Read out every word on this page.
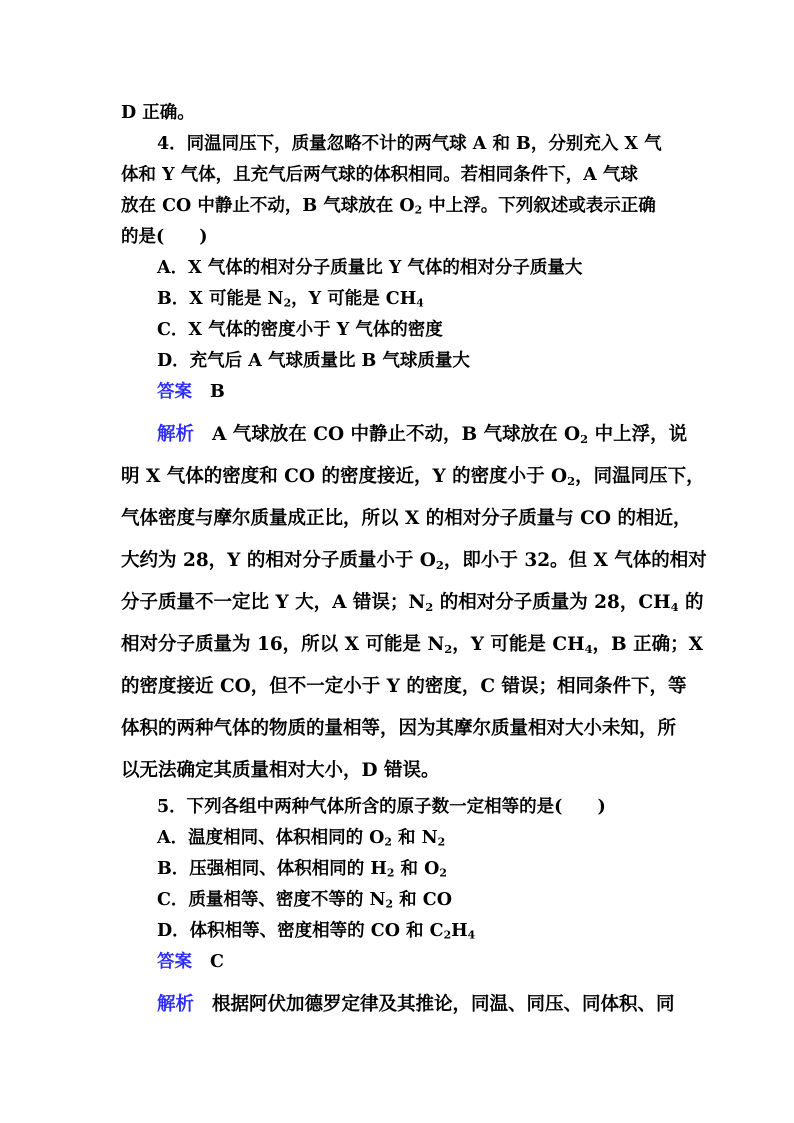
D 正确。
4．同温同压下，质量忽略不计的两气球 A 和 B，分别充入 X 气
体和 Y 气体，且充气后两气球的体积相同。若相同条件下，A 气球
放在 CO 中静止不动，B 气球放在 $O_2$ 中上浮。下列叙述或表示正确
的是(　　)
A．X 气体的相对分子质量比 Y 气体的相对分子质量大
B．X 可能是 $N_2$，Y 可能是 $CH_4$
C．X 气体的密度小于 Y 气体的密度
D．充气后 A 气球质量比 B 气球质量大
答案 B
解析 A 气球放在 CO 中静止不动，B 气球放在 $O_2$ 中上浮，说
明 X 气体的密度和 CO 的密度接近，Y 的密度小于 $O_2$，同温同压下，
气体密度与摩尔质量成正比，所以 X 的相对分子质量与 CO 的相近，
大约为 28，Y 的相对分子质量小于 $O_2$，即小于 32。但 X 气体的相对
分子质量不一定比 Y 大，A 错误；$N_2$ 的相对分子质量为 28，$CH_4$ 的
相对分子质量为 16，所以 X 可能是 $N_2$，Y 可能是 $CH_4$，B 正确；X
的密度接近 CO，但不一定小于 Y 的密度，C 错误；相同条件下，等
体积的两种气体的物质的量相等，因为其摩尔质量相对大小未知，所
以无法确定其质量相对大小，D 错误。
5．下列各组中两种气体所含的原子数一定相等的是(　　)
A．温度相同、体积相同的 $O_2$ 和 $N_2$
B．压强相同、体积相同的 $H_2$ 和 $O_2$
C．质量相等、密度不等的 $N_2$ 和 CO
D．体积相等、密度相等的 CO 和 $C_2H_4$
答案 C
解析 根据阿伏加德罗定律及其推论，同温、同压、同体积、同
